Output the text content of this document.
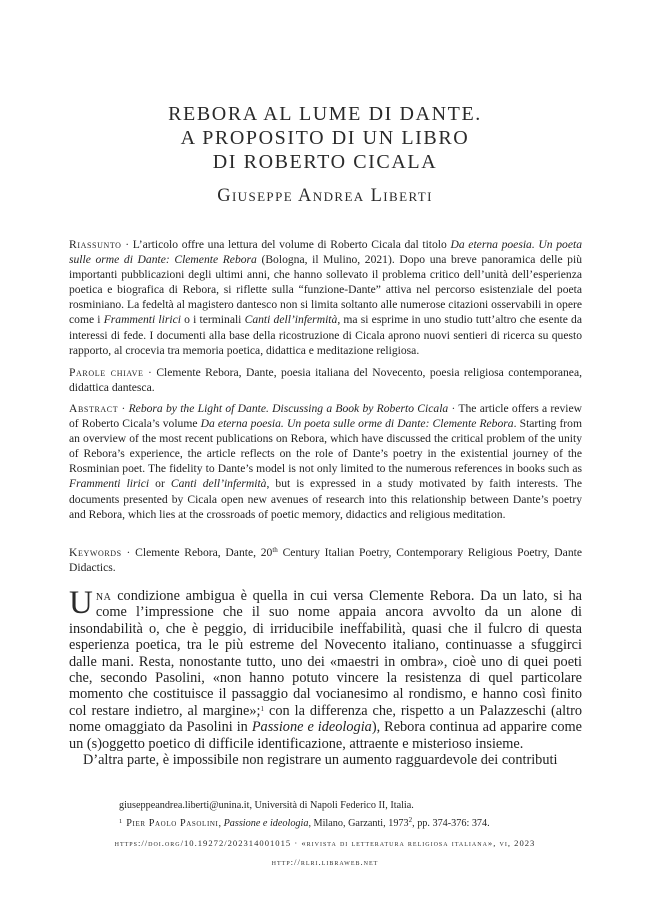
REBORA AL LUME DI DANTE.
A PROPOSITO DI UN LIBRO
DI ROBERTO CICALA
Giuseppe Andrea Liberti
Riassunto · L’articolo offre una lettura del volume di Roberto Cicala dal titolo Da eterna poesia. Un poeta sulle orme di Dante: Clemente Rebora (Bologna, il Mulino, 2021). Dopo una breve panoramica delle più importanti pubblicazioni degli ultimi anni, che hanno sollevato il problema critico dell’unità dell’esperienza poetica e biografica di Rebora, si riflette sulla “funzione-Dante” attiva nel percorso esistenziale del poeta rosminiano. La fedeltà al magistero dantesco non si limita soltanto alle numerose citazioni osservabili in opere come i Frammenti lirici o i terminali Canti dell’infermità, ma si esprime in uno studio tutt’altro che esente da interessi di fede. I documenti alla base della ricostruzione di Cicala aprono nuovi sentieri di ricerca su questo rapporto, al crocevia tra memoria poetica, didattica e meditazione religiosa.
Parole chiave · Clemente Rebora, Dante, poesia italiana del Novecento, poesia religiosa contemporanea, didattica dantesca.
Abstract · Rebora by the Light of Dante. Discussing a Book by Roberto Cicala · The article offers a review of Roberto Cicala’s volume Da eterna poesia. Un poeta sulle orme di Dante: Clemente Rebora. Starting from an overview of the most recent publications on Rebora, which have discussed the critical problem of the unity of Rebora’s experience, the article reflects on the role of Dante’s poetry in the existential journey of the Rosminian poet. The fidelity to Dante’s model is not only limited to the numerous references in books such as Frammenti lirici or Canti dell’infermità, but is expressed in a study motivated by faith interests. The documents presented by Cicala open new avenues of research into this relationship between Dante’s poetry and Rebora, which lies at the crossroads of poetic memory, didactics and religious meditation.
Keywords · Clemente Rebora, Dante, 20th Century Italian Poetry, Contemporary Religious Poetry, Dante Didactics.

Una condizione ambigua è quella in cui versa Clemente Rebora. Da un lato, si ha come l’impressione che il suo nome appaia ancora avvolto da un alone di insondabilità o, che è peggio, di irriducibile ineffabilità, quasi che il fulcro di questa esperienza poetica, tra le più estreme del Novecento italiano, continuasse a sfuggirci dalle mani. Resta, nonostante tutto, uno dei «maestri in ombra», cioè uno di quei poeti che, secondo Pasolini, «non hanno potuto vincere la resistenza di quel particolare momento che costituisce il passaggio dal vocianesimo al rondismo, e hanno così finito col restare indietro, al margine»;$^1$ con la differenza che, rispetto a un Palazzeschi (altro nome omaggiato da Pasolini in Passione e ideologia), Rebora continua ad apparire come un (s)oggetto poetico di difficile identificazione, attraente e misterioso insieme.

D’altra parte, è impossibile non registrare un aumento ragguardevole dei contributi

giuseppeandrea.liberti@unina.it, Università di Napoli Federico II, Italia.
$^1$ Pier Paolo Pasolini, Passione e ideologia, Milano, Garzanti, 1973$^2$, pp. 374-376: 374.
https://doi.org/10.19272/202314001015 · «rivista di letteratura religiosa italiana», vi, 2023
http://rlri.libraweb.net
